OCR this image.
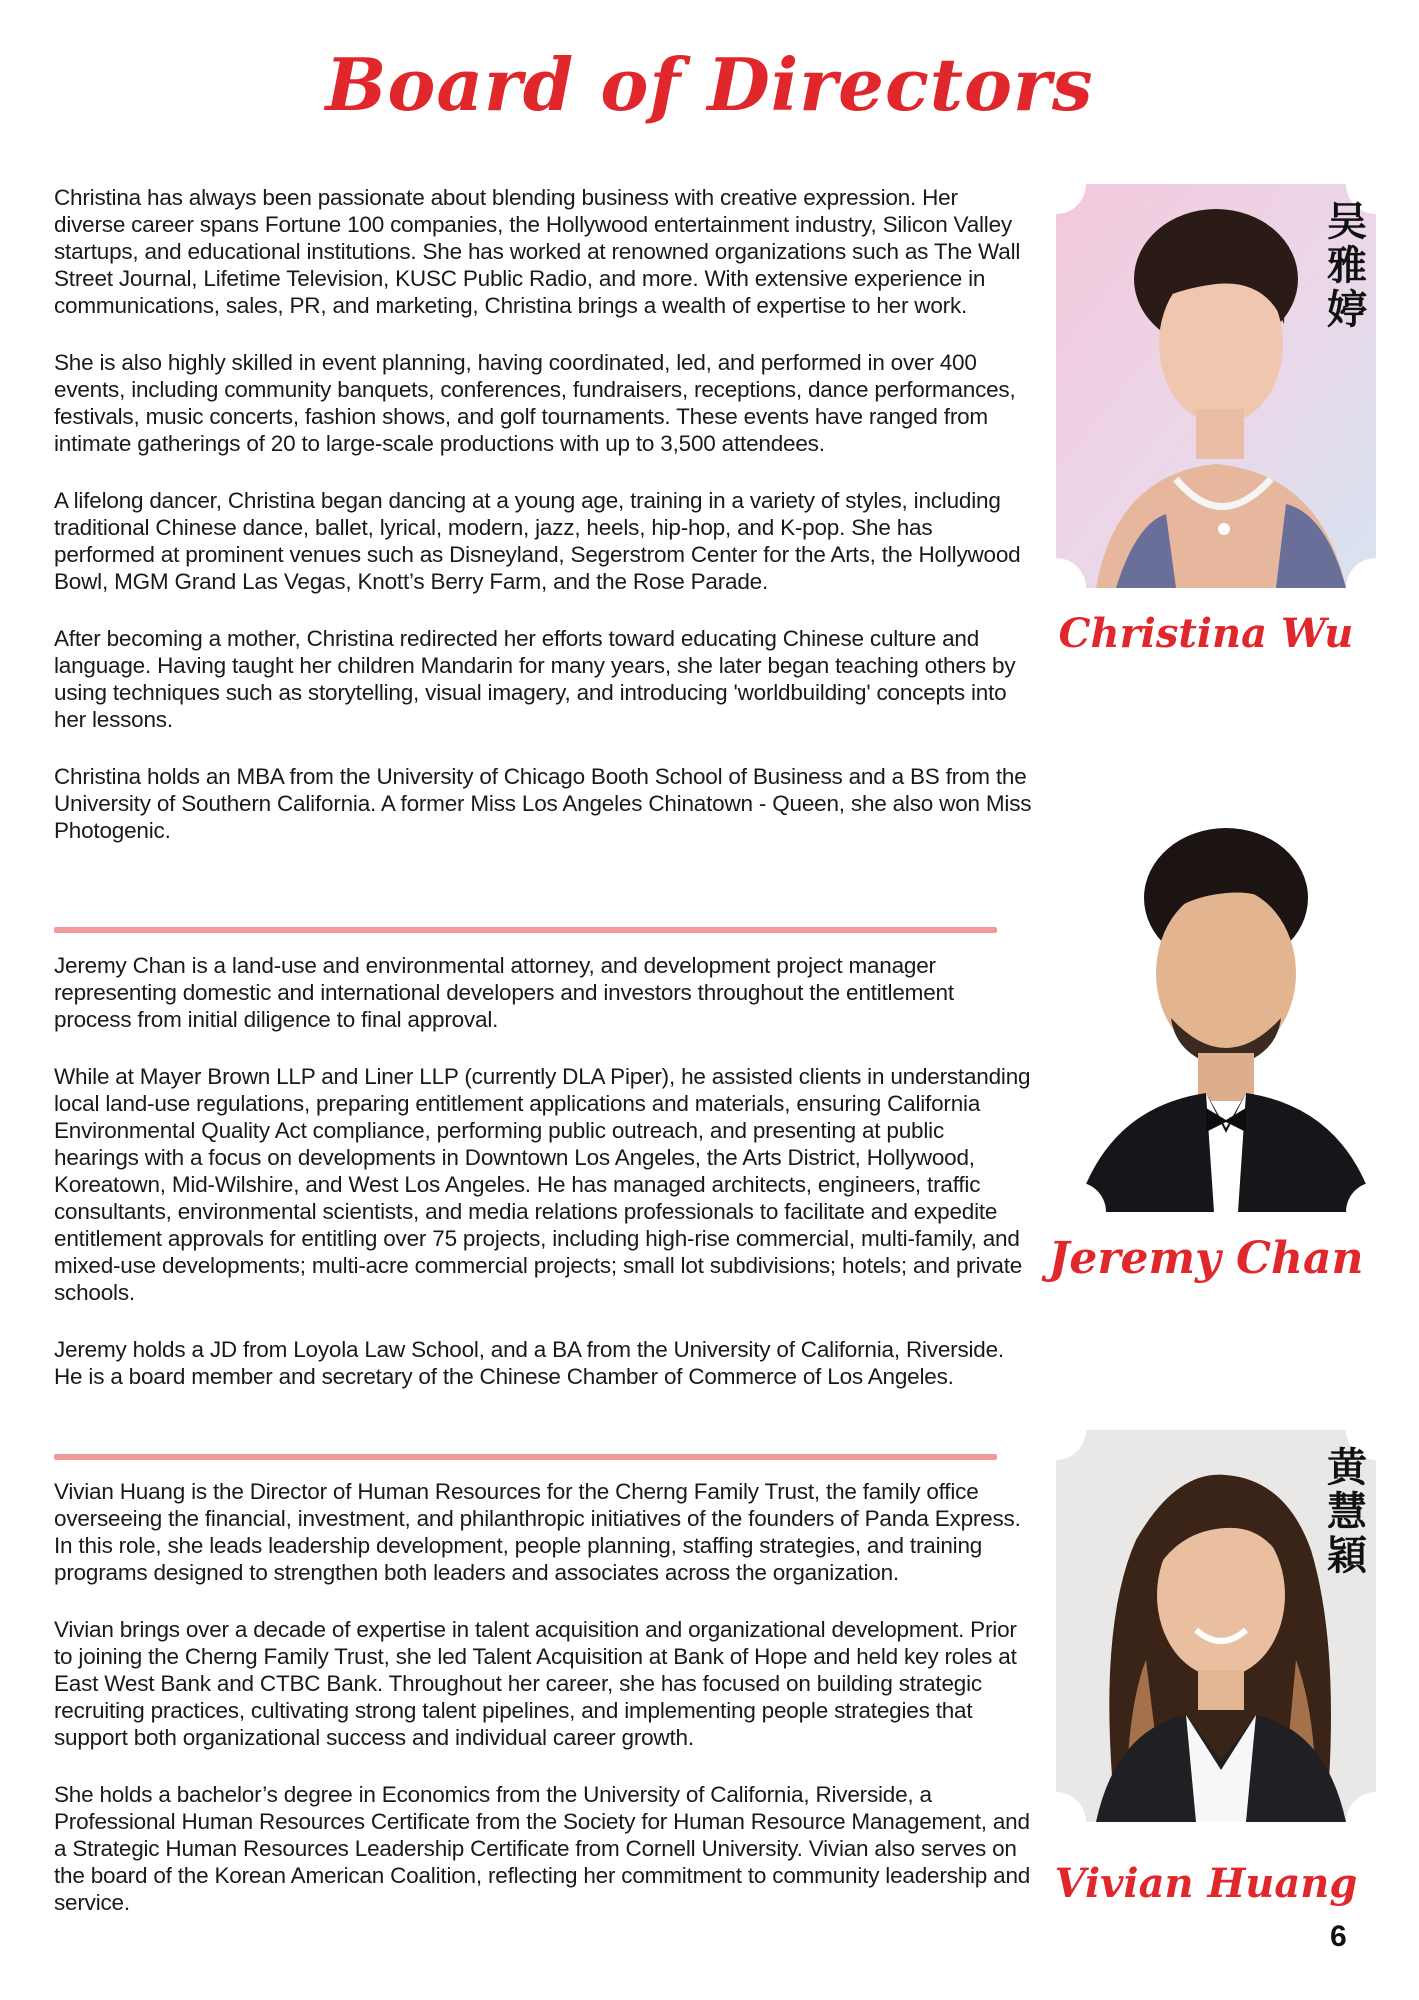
Board of Directors

Christina has always been passionate about blending business with creative expression. Her diverse career spans Fortune 100 companies, the Hollywood entertainment industry, Silicon Valley startups, and educational institutions. She has worked at renowned organizations such as The Wall Street Journal, Lifetime Television, KUSC Public Radio, and more. With extensive experience in communications, sales, PR, and marketing, Christina brings a wealth of expertise to her work.

She is also highly skilled in event planning, having coordinated, led, and performed in over 400 events, including community banquets, conferences, fundraisers, receptions, dance performances, festivals, music concerts, fashion shows, and golf tournaments. These events have ranged from intimate gatherings of 20 to large-scale productions with up to 3,500 attendees.

A lifelong dancer, Christina began dancing at a young age, training in a variety of styles, including traditional Chinese dance, ballet, lyrical, modern, jazz, heels, hip-hop, and K-pop. She has performed at prominent venues such as Disneyland, Segerstrom Center for the Arts, the Hollywood Bowl, MGM Grand Las Vegas, Knott’s Berry Farm, and the Rose Parade.

After becoming a mother, Christina redirected her efforts toward educating Chinese culture and language. Having taught her children Mandarin for many years, she later began teaching others by using techniques such as storytelling, visual imagery, and introducing 'worldbuilding' concepts into her lessons.

Christina holds an MBA from the University of Chicago Booth School of Business and a BS from the University of Southern California. A former Miss Los Angeles Chinatown - Queen, she also won Miss Photogenic.

吴
雅
婷
Christina Wu

Jeremy Chan is a land-use and environmental attorney, and development project manager representing domestic and international developers and investors throughout the entitlement process from initial diligence to final approval.

While at Mayer Brown LLP and Liner LLP (currently DLA Piper), he assisted clients in understanding local land-use regulations, preparing entitlement applications and materials, ensuring California Environmental Quality Act compliance, performing public outreach, and presenting at public hearings with a focus on developments in Downtown Los Angeles, the Arts District, Hollywood, Koreatown, Mid-Wilshire, and West Los Angeles. He has managed architects, engineers, traffic consultants, environmental scientists, and media relations professionals to facilitate and expedite entitlement approvals for entitling over 75 projects, including high-rise commercial, multi-family, and mixed-use developments; multi-acre commercial projects; small lot subdivisions; hotels; and private schools.

Jeremy holds a JD from Loyola Law School, and a BA from the University of California, Riverside. He is a board member and secretary of the Chinese Chamber of Commerce of Los Angeles.

Jeremy Chan

Vivian Huang is the Director of Human Resources for the Cherng Family Trust, the family office overseeing the financial, investment, and philanthropic initiatives of the founders of Panda Express. In this role, she leads leadership development, people planning, staffing strategies, and training programs designed to strengthen both leaders and associates across the organization.

Vivian brings over a decade of expertise in talent acquisition and organizational development. Prior to joining the Cherng Family Trust, she led Talent Acquisition at Bank of Hope and held key roles at East West Bank and CTBC Bank. Throughout her career, she has focused on building strategic recruiting practices, cultivating strong talent pipelines, and implementing people strategies that support both organizational success and individual career growth.

She holds a bachelor’s degree in Economics from the University of California, Riverside, a Professional Human Resources Certificate from the Society for Human Resource Management, and a Strategic Human Resources Leadership Certificate from Cornell University. Vivian also serves on the board of the Korean American Coalition, reflecting her commitment to community leadership and service.

黄
慧
穎
Vivian Huang
6
